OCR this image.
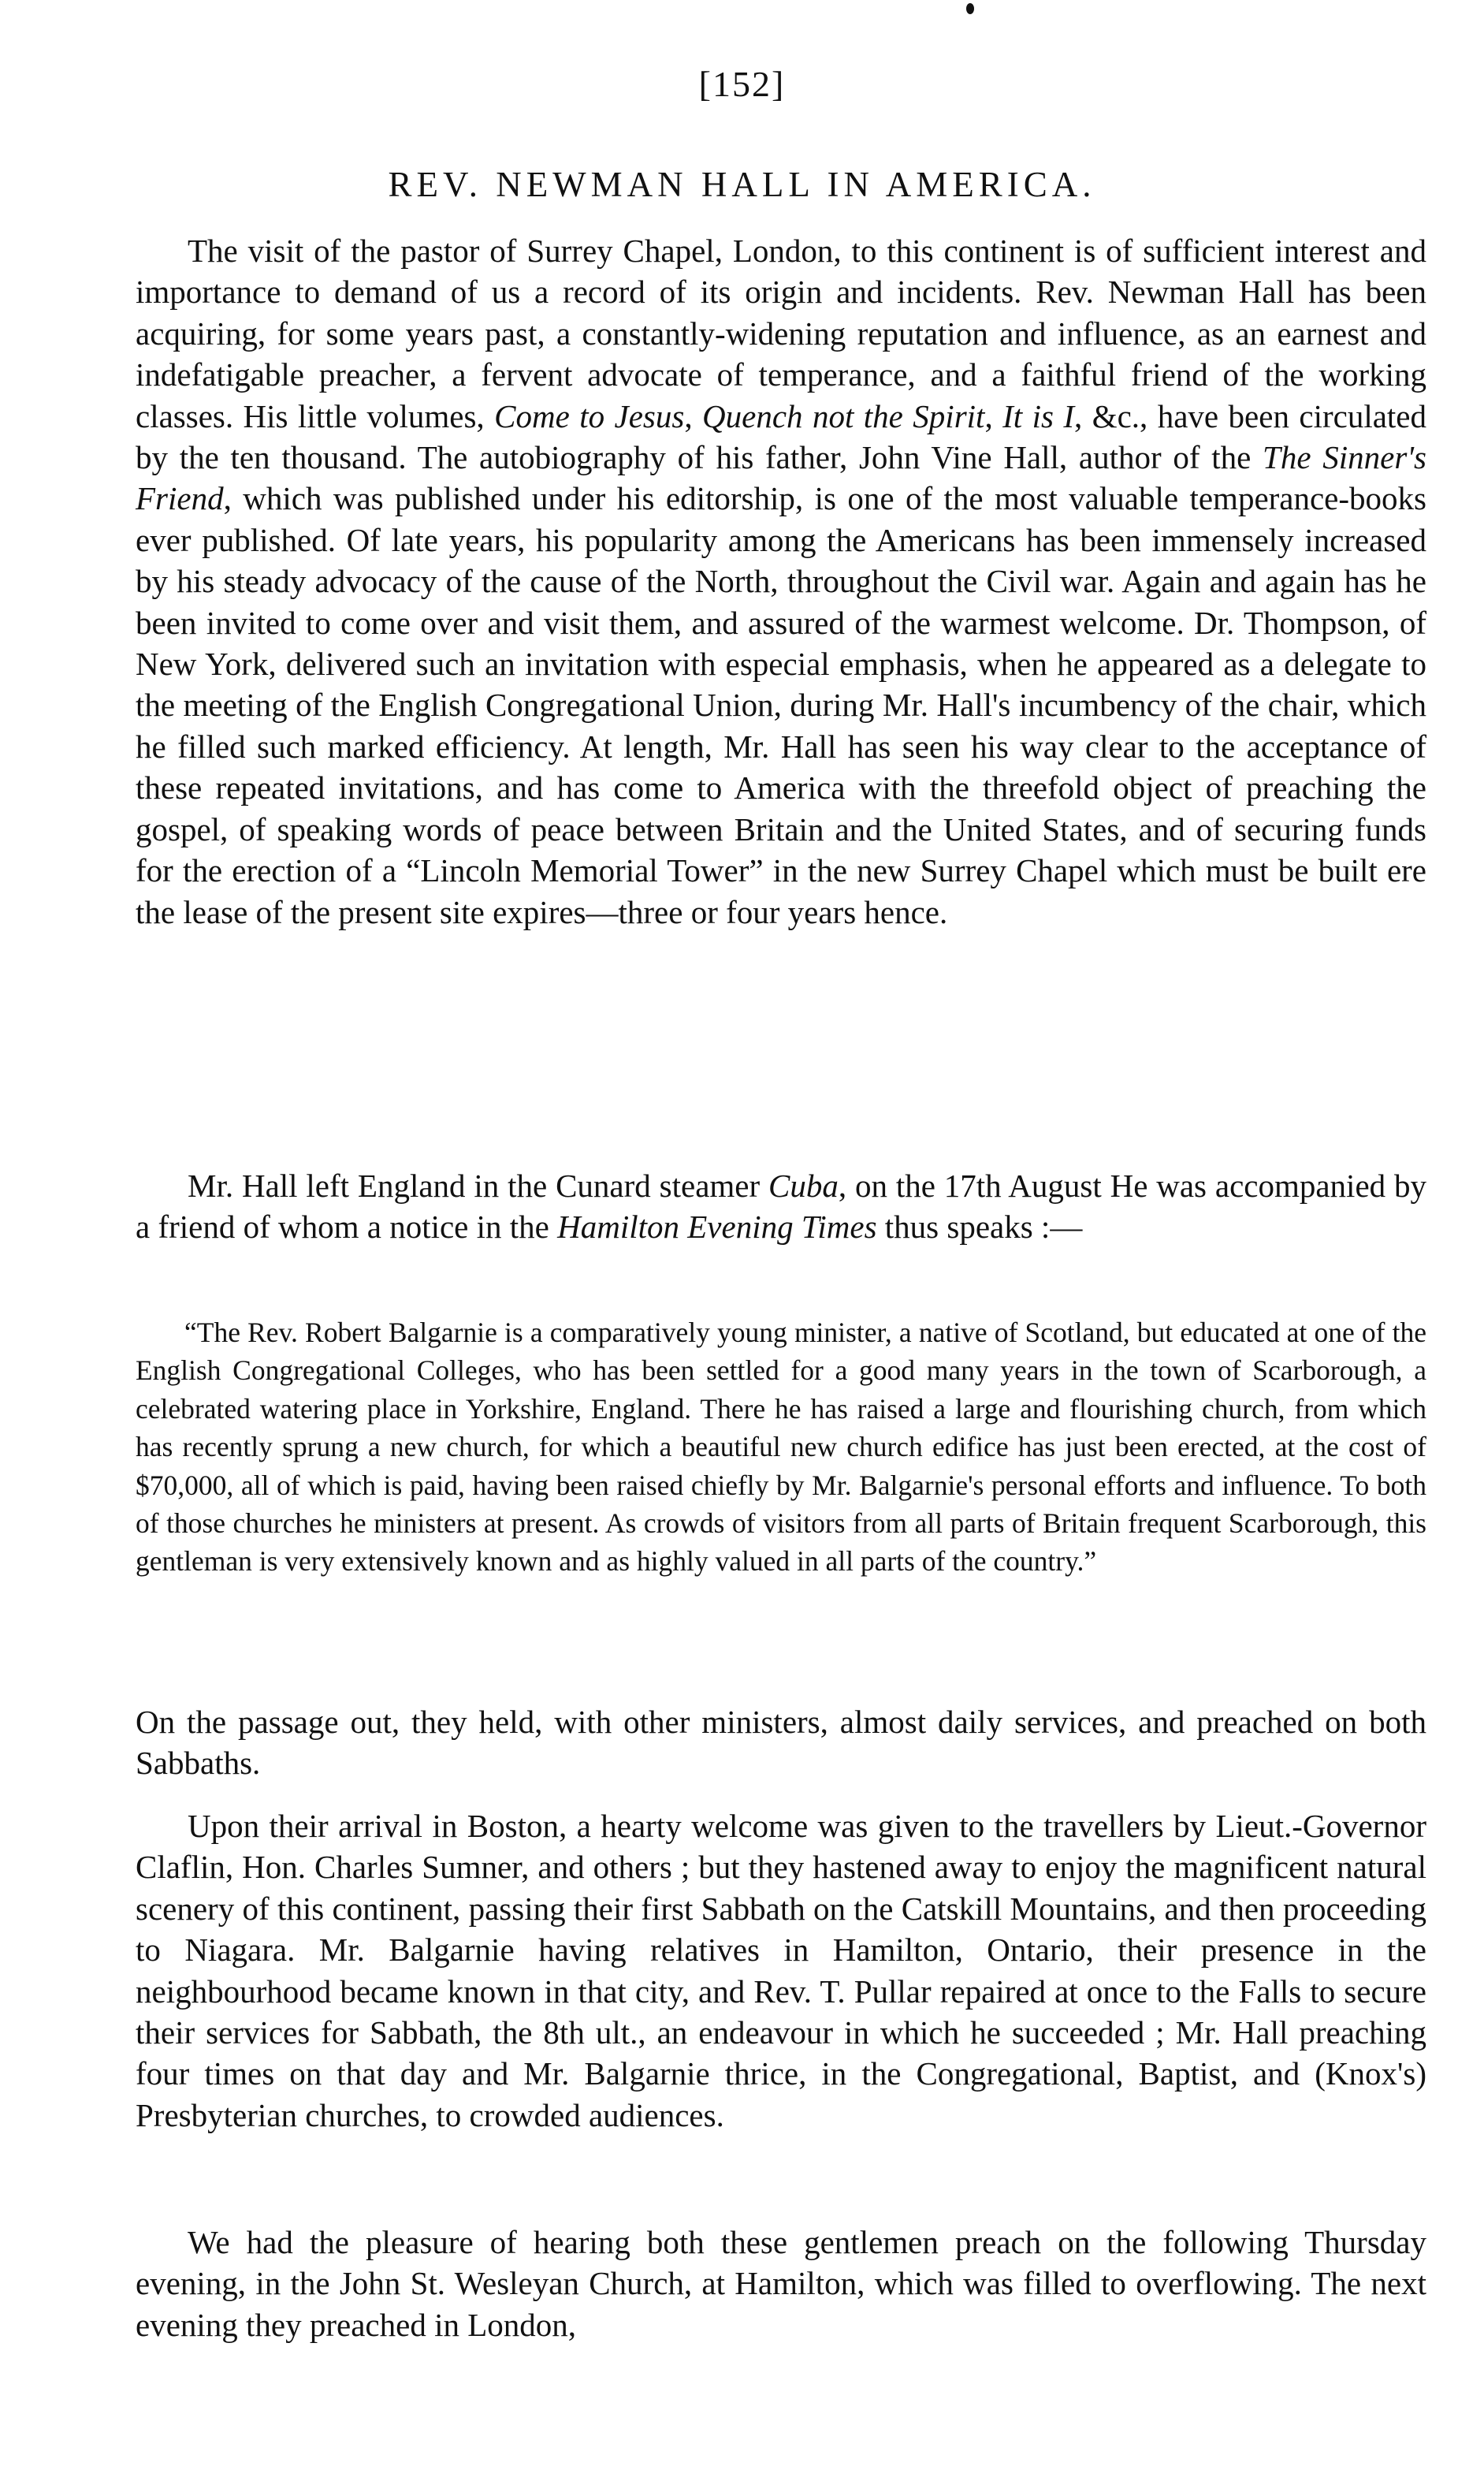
[152]
REV. NEWMAN HALL IN AMERICA.

The visit of the pastor of Surrey Chapel, London, to this continent is of sufficient interest and importance to demand of us a record of its origin and incidents. Rev. Newman Hall has been acquiring, for some years past, a constantly-widening reputation and influence, as an earnest and indefatigable preacher, a fervent advocate of temperance, and a faithful friend of the working classes. His little volumes, Come to Jesus, Quench not the Spirit, It is I, &c., have been circulated by the ten thousand. The autobiography of his father, John Vine Hall, author of the The Sinner's Friend, which was published under his editorship, is one of the most valuable temperance-books ever published. Of late years, his popularity among the Americans has been immensely increased by his steady advocacy of the cause of the North, throughout the Civil war. Again and again has he been invited to come over and visit them, and assured of the warmest welcome. Dr. Thompson, of New York, delivered such an invitation with especial emphasis, when he appeared as a delegate to the meeting of the English Congregational Union, during Mr. Hall's incumbency of the chair, which he filled such marked efficiency. At length, Mr. Hall has seen his way clear to the acceptance of these repeated invitations, and has come to America with the threefold object of preaching the gospel, of speaking words of peace between Britain and the United States, and of securing funds for the erection of a “Lincoln Memorial Tower” in the new Surrey Chapel which must be built ere the lease of the present site expires—three or four years hence.

Mr. Hall left England in the Cunard steamer Cuba, on the 17th August He was accompanied by a friend of whom a notice in the Hamilton Evening Times thus speaks :—

“The Rev. Robert Balgarnie is a comparatively young minister, a native of Scotland, but educated at one of the English Congregational Colleges, who has been settled for a good many years in the town of Scarborough, a celebrated watering place in Yorkshire, England. There he has raised a large and flourishing church, from which has recently sprung a new church, for which a beautiful new church edifice has just been erected, at the cost of $70,000, all of which is paid, having been raised chiefly by Mr. Balgarnie's personal efforts and influence. To both of those churches he ministers at present. As crowds of visitors from all parts of Britain frequent Scarborough, this gentleman is very extensively known and as highly valued in all parts of the country.”

On the passage out, they held, with other ministers, almost daily services, and preached on both Sabbaths.

Upon their arrival in Boston, a hearty welcome was given to the travellers by Lieut.-Governor Claflin, Hon. Charles Sumner, and others ; but they hastened away to enjoy the magnificent natural scenery of this continent, passing their first Sabbath on the Catskill Mountains, and then proceeding to Niagara. Mr. Balgarnie having relatives in Hamilton, Ontario, their presence in the neighbourhood became known in that city, and Rev. T. Pullar repaired at once to the Falls to secure their services for Sabbath, the 8th ult., an endeavour in which he succeeded ; Mr. Hall preaching four times on that day and Mr. Balgarnie thrice, in the Congregational, Baptist, and (Knox's) Presbyterian churches, to crowded audiences.

We had the pleasure of hearing both these gentlemen preach on the following Thursday evening, in the John St. Wesleyan Church, at Hamilton, which was filled to overflowing. The next evening they preached in London,
